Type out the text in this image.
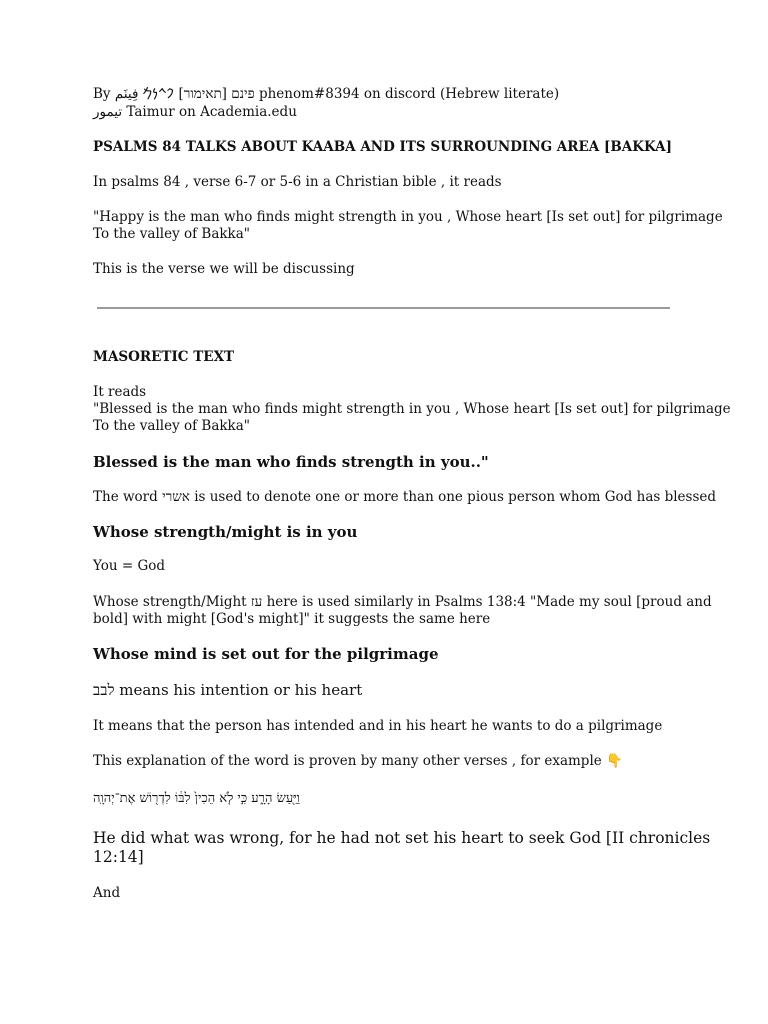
By פינם [תאימור] 𐡐𐡉𐡍𐡌 فِينَم phenom#8394 on discord (Hebrew literate)
تيمور Taimur on Academia.edu
PSALMS 84 TALKS ABOUT KAABA AND ITS SURROUNDING AREA [BAKKA]
In psalms 84 , verse 6-7 or 5-6 in a Christian bible , it reads
"Happy is the man who finds might strength in you , Whose heart [Is set out] for pilgrimage
To the valley of Bakka"
This is the verse we will be discussing
MASORETIC TEXT
It reads
"Blessed is the man who finds might strength in you , Whose heart [Is set out] for pilgrimage
To the valley of Bakka"
Blessed is the man who finds strength in you.."
The word אשרי is used to denote one or more than one pious person whom God has blessed
Whose strength/might is in you
You = God
Whose strength/Might עז here is used similarly in Psalms 138:4 "Made my soul [proud and
bold] with might [God's might]" it suggests the same here
Whose mind is set out for the pilgrimage
לבב means his intention or his heart
It means that the person has intended and in his heart he wants to do a pilgrimage
This explanation of the word is proven by many other verses , for example 👇
וַיַּ֖עַשׂ הָרָ֑ע כִּ֣י לֹ֤א הֵכִין֙ לִבּ֔וֹ לִדְר֖וֹשׁ אֶת־יְהוָֽה
He did what was wrong, for he had not set his heart to seek God [II chronicles
12:14]
And
